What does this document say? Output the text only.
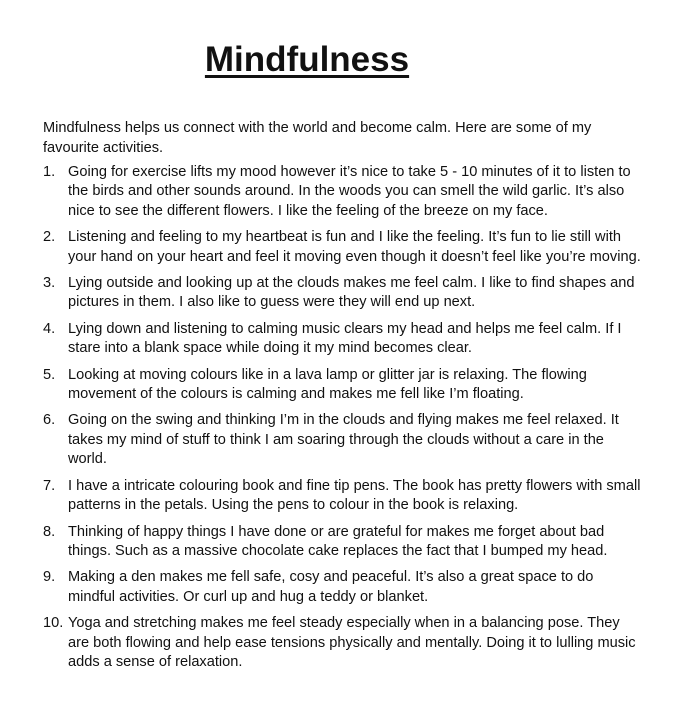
Mindfulness

Mindfulness helps us connect with the world and become calm. Here are some of my favourite activities.

1. Going for exercise lifts my mood however it’s nice to take 5 - 10 minutes of it to listen to the birds and other sounds around. In the woods you can smell the wild garlic. It’s also nice to see the different flowers. I like the feeling of the breeze on my face.
2. Listening and feeling to my heartbeat is fun and I like the feeling. It’s fun to lie still with your hand on your heart and feel it moving even though it doesn’t feel like you’re moving.
3. Lying outside and looking up at the clouds makes me feel calm. I like to find shapes and pictures in them. I also like to guess were they will end up next.
4. Lying down and listening to calming music clears my head and helps me feel calm. If I stare into a blank space while doing it my mind becomes clear.
5. Looking at moving colours like in a lava lamp or glitter jar is relaxing. The flowing movement of the colours is calming and makes me fell like I’m floating.
6. Going on the swing and thinking I’m in the clouds and flying makes me feel relaxed. It takes my mind of stuff to think I am soaring through the clouds without a care in the world.
7. I have a intricate colouring book and fine tip pens. The book has pretty flowers with small patterns in the petals. Using the pens to colour in the book is relaxing.
8. Thinking of happy things I have done or are grateful for makes me forget about bad things. Such as a massive chocolate cake replaces the fact that I bumped my head.
9. Making a den makes me fell safe, cosy and peaceful. It’s also a great space to do mindful activities. Or curl up and hug a teddy or blanket.
10. Yoga and stretching makes me feel steady especially when in a balancing pose. They are both flowing and help ease tensions physically and mentally. Doing it to lulling music adds a sense of relaxation.
